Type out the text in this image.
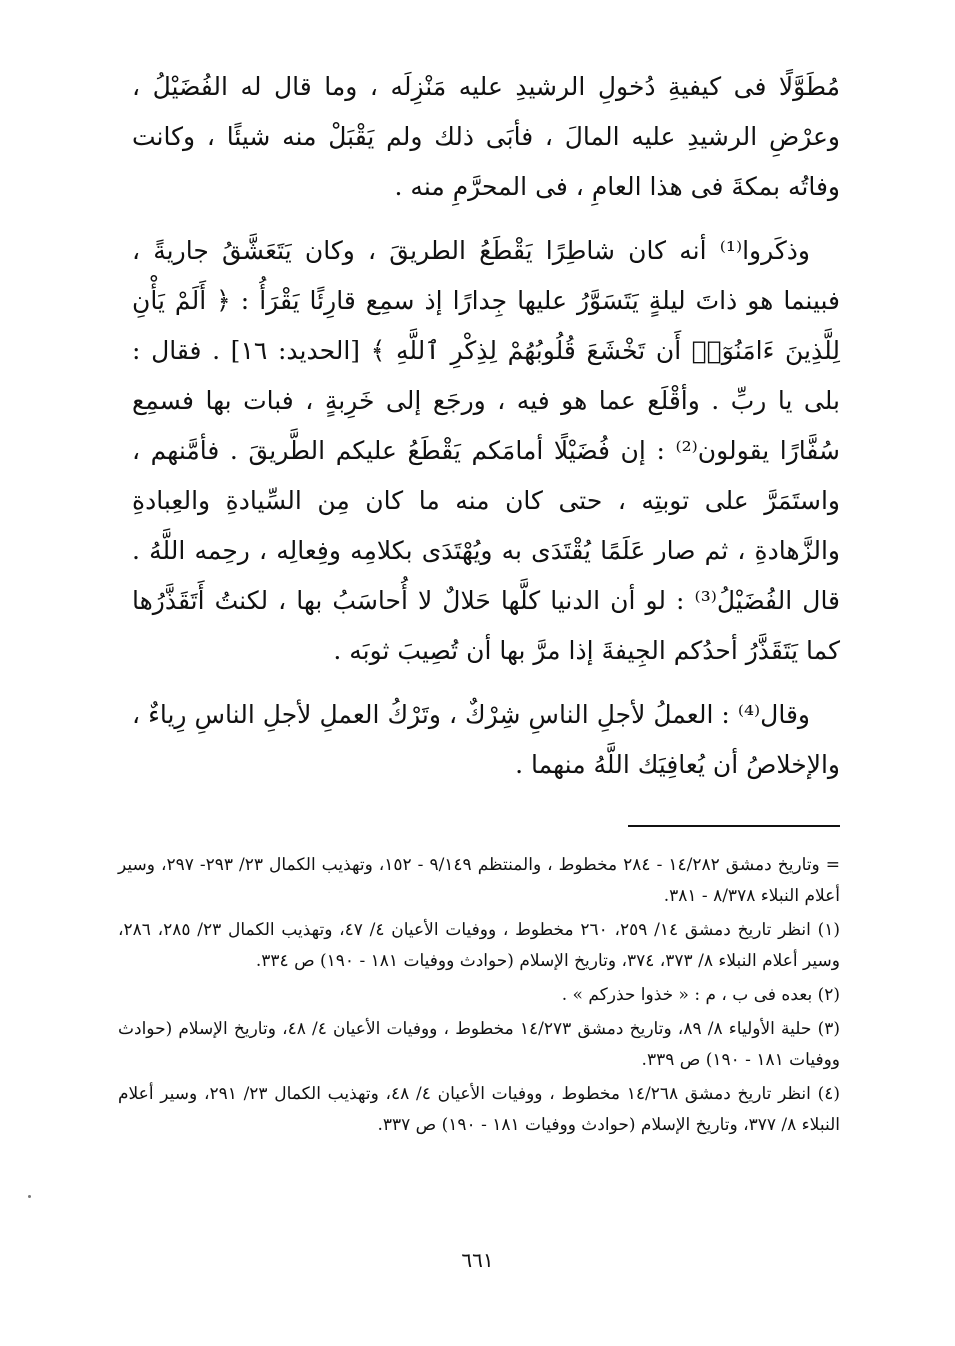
مُطَوَّلًا فى كيفيةِ دُخولِ الرشيدِ عليه مَنْزِلَه ، وما قال له الفُضَيْلُ ، وعرْضِ الرشيدِ عليه المالَ ، فأبَى ذلك ولم يَقْبَلْ منه شيئًا ، وكانت وفاتُه بمكةَ فى هذا العامِ ، فى المحرَّمِ منه .

وذكَروا⁽¹⁾ أنه كان شاطِرًا يَقْطَعُ الطريقَ ، وكان يَتَعَشَّقُ جاريةً ، فبينما هو ذاتَ ليلةٍ يَتَسَوَّرُ عليها جِدارًا إذ سمِع قارِئًا يَقْرَأُ : ﴿ أَلَمْ يَأْنِ لِلَّذِينَ ءَامَنُوٓا۟ أَن تَخْشَعَ قُلُوبُهُمْ لِذِكْرِ ٱللَّهِ ﴾ [الحديد: ١٦] . فقال : بلى يا ربِّ . وأقْلَع عما هو فيه ، ورجَع إلى خَرِبةٍ ، فبات بها فسمِع سُفَّارًا يقولون⁽²⁾ : إن فُضَيْلًا أمامَكم يَقْطَعُ عليكم الطَّريقَ . فأمَّنهم ، واستَمَرَّ على توبتِه ، حتى كان منه ما كان مِن السِّيادةِ والعِبادةِ والزَّهادةِ ، ثم صار عَلَمًا يُقْتَدَى به ويُهْتَدَى بكلامِه وفِعالِه ، رحِمه اللَّهُ . قال الفُضَيْلُ⁽³⁾ : لو أن الدنيا كلَّها حَلالٌ لا أُحاسَبُ بها ، لكنتُ أَتَقَذَّرُها كما يَتَقَذَّرُ أحدُكم الجِيفةَ إذا مرَّ بها أن تُصِيبَ ثوبَه .

وقال⁽⁴⁾ : العملُ لأجلِ الناسِ شِرْكٌ ، وتَرْكُ العملِ لأجلِ الناسِ رِياءٌ ، والإخلاصُ أن يُعافِيَك اللَّهُ منهما .

= وتاريخ دمشق ١٤/٢٨٢ - ٢٨٤ مخطوط ، والمنتظم ٩/١٤٩ - ١٥٢، وتهذيب الكمال ٢٣/ ٢٩٣- ٢٩٧، وسير أعلام النبلاء ٨/٣٧٨ - ٣٨١.

(١) انظر تاريخ دمشق ١٤/ ٢٥٩، ٢٦٠ مخطوط ، ووفيات الأعيان ٤/ ٤٧، وتهذيب الكمال ٢٣/ ٢٨٥، ٢٨٦، وسير أعلام النبلاء ٨/ ٣٧٣، ٣٧٤، وتاريخ الإسلام (حوادث ووفيات ١٨١ - ١٩٠) ص ٣٣٤.

(٢) بعده فى ب ، م : « خذوا حذركم » .

(٣) حلية الأولياء ٨/ ٨٩، وتاريخ دمشق ١٤/٢٧٣ مخطوط ، ووفيات الأعيان ٤/ ٤٨، وتاريخ الإسلام (حوادث ووفيات ١٨١ - ١٩٠) ص ٣٣٩.

(٤) انظر تاريخ دمشق ١٤/٢٦٨ مخطوط ، ووفيات الأعيان ٤/ ٤٨، وتهذيب الكمال ٢٣/ ٢٩١، وسير أعلام النبلاء ٨/ ٣٧٧، وتاريخ الإسلام (حوادث ووفيات ١٨١ - ١٩٠) ص ٣٣٧.

٦٦١
